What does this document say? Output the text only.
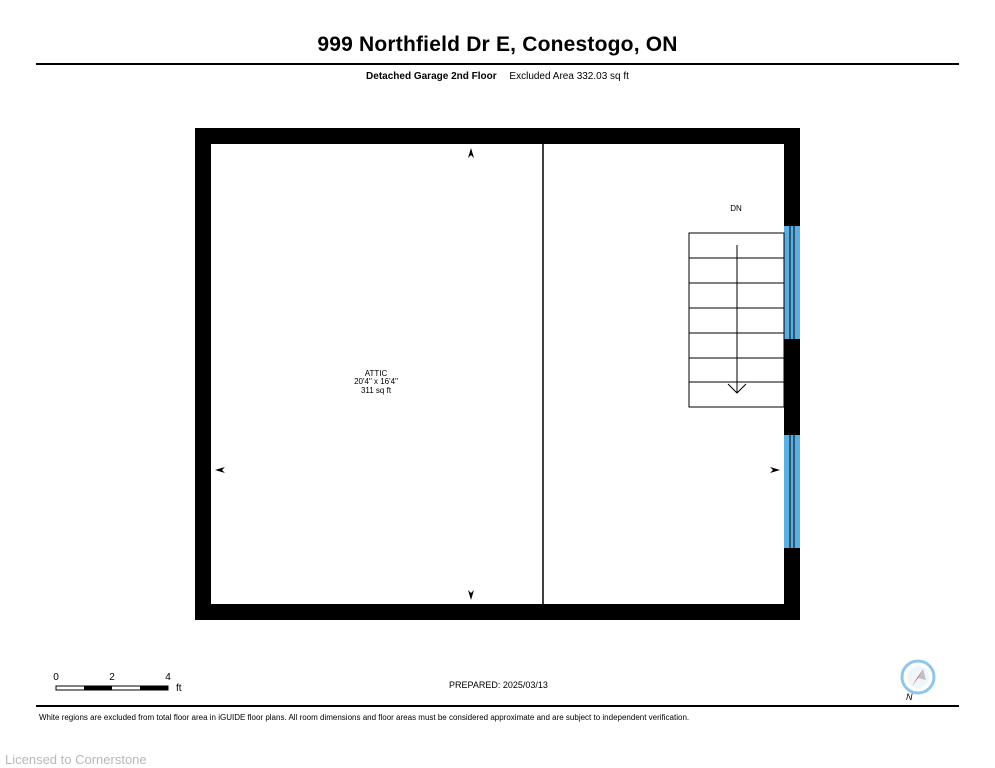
999 Northfield Dr E, Conestogo, ON
Detached Garage 2nd Floor Excluded Area 332.03 sq ft
DN
ATTIC
20'4" x 16'4"
311 sq ft
0	2	4
ft
N
PREPARED: 2025/03/13
White regions are excluded from total floor area in iGUIDE floor plans. All room dimensions and floor areas must be considered approximate and are subject to independent verification.
Licensed to Cornerstone
